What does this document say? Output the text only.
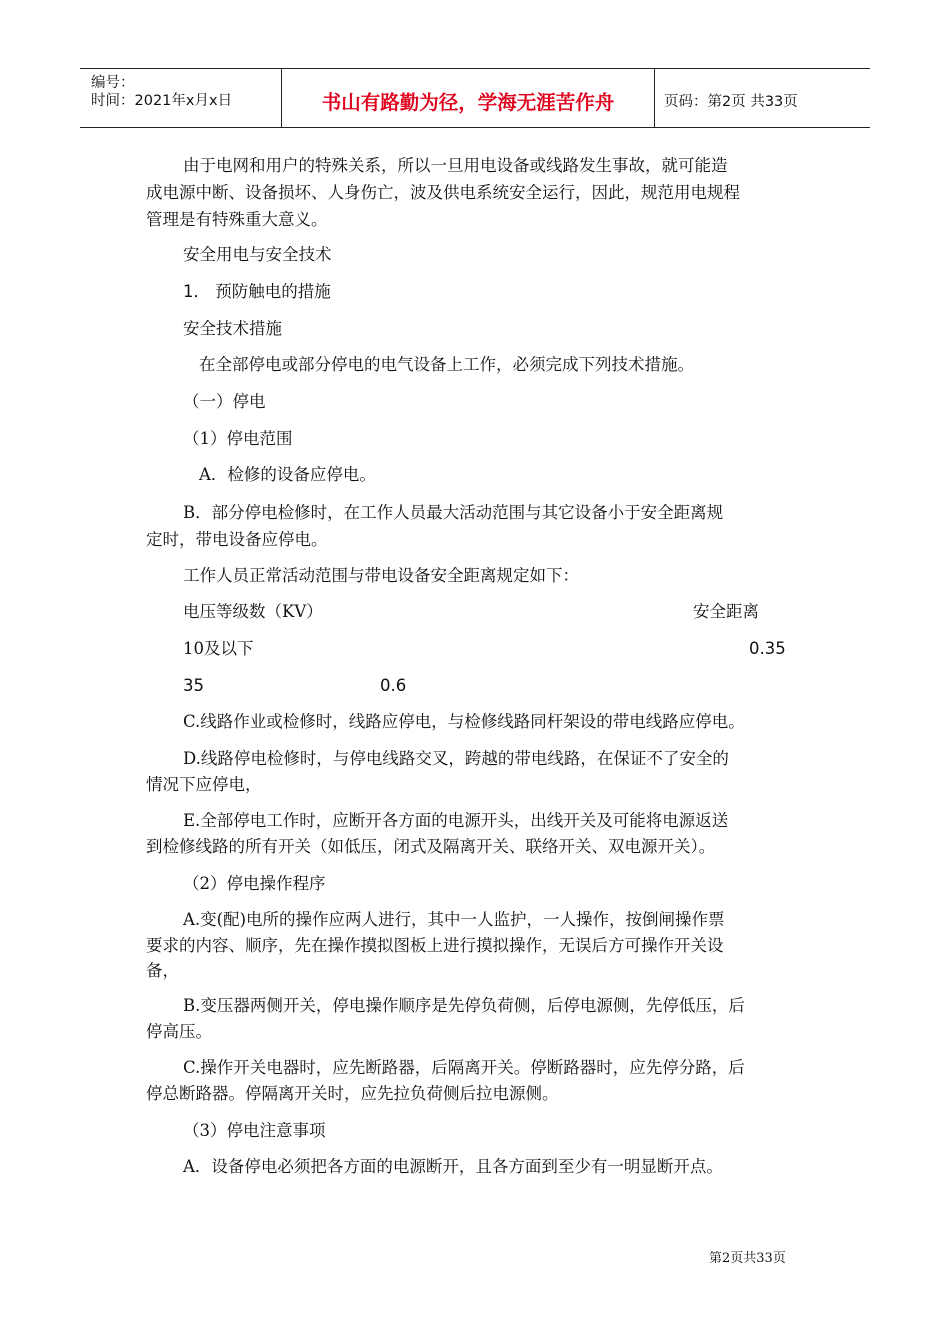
编号：
时间：2021年x月x日	书山有路勤为径，学海无涯苦作舟	页码：第2页 共33页
由于电网和用户的特殊关系，所以一旦用电设备或线路发生事故，就可能造
成电源中断、设备损坏、人身伤亡，波及供电系统安全运行，因此，规范用电规程
管理是有特殊重大意义。
安全用电与安全技术
1． 预防触电的措施
安全技术措施
在全部停电或部分停电的电气设备上工作，必须完成下列技术措施。
（一）停电
（1）停电范围
A．检修的设备应停电。
B．部分停电检修时，在工作人员最大活动范围与其它设备小于安全距离规
定时，带电设备应停电。
工作人员正常活动范围与带电设备安全距离规定如下：
电压等级数（KV）	安全距离
10及以下	0.35
35	0.6
C.线路作业或检修时，线路应停电，与检修线路同杆架设的带电线路应停电。
D.线路停电检修时，与停电线路交叉，跨越的带电线路，在保证不了安全的
情况下应停电，
E.全部停电工作时，应断开各方面的电源开头，出线开关及可能将电源返送
到检修线路的所有开关（如低压，闭式及隔离开关、联络开关、双电源开关）。
（2）停电操作程序
A.变(配)电所的操作应两人进行，其中一人监护，一人操作，按倒闸操作票
要求的内容、顺序，先在操作摸拟图板上进行摸拟操作，无误后方可操作开关设
备，
B.变压器两侧开关，停电操作顺序是先停负荷侧，后停电源侧，先停低压，后
停高压。
C.操作开关电器时，应先断路器，后隔离开关。停断路器时，应先停分路，后
停总断路器。停隔离开关时，应先拉负荷侧后拉电源侧。
（3）停电注意事项
A．设备停电必须把各方面的电源断开，且各方面到至少有一明显断开点。
第2页共33页
